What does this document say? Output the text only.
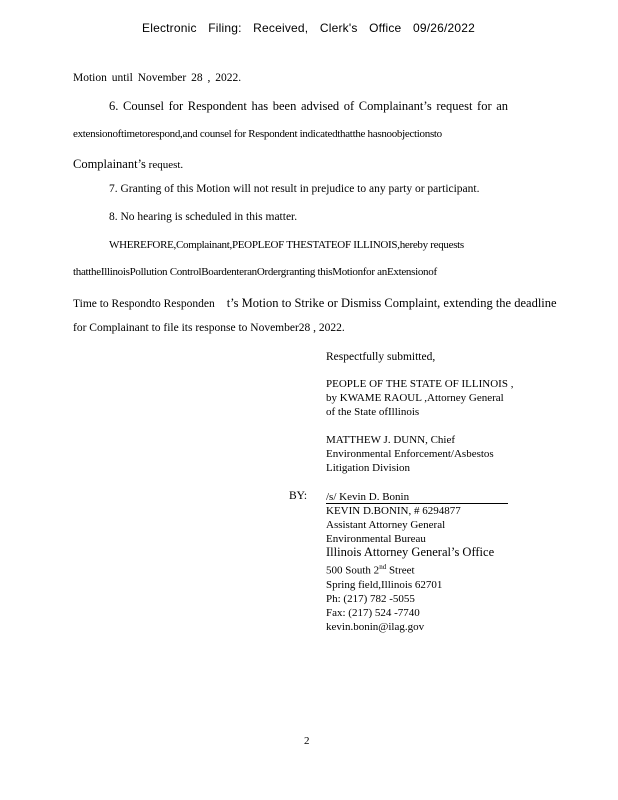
Electronic Filing: Received, Clerk's Office 09/26/2022
Motion until November 28 , 2022.
6. Counsel for Respondent has been advised of Complainant’s request for an
extensionoftimetorespond,and counsel for Respondent indicatedthatthe hasnoobjectionsto
Complainant’s request.
7. Granting of this Motion will not result in prejudice to any party or participant.
8. No hearing is scheduled in this matter.
WHEREFORE,Complainant,PEOPLEOF THESTATEOF ILLINOIS,hereby requests
thattheIllinoisPollution ControlBoardenteranOrdergranting thisMotionfor anExtensionof
Time to Respondto Responden t’s Motion to Strike or Dismiss Complaint, extending the deadline
for Complainant to file its response to November28 , 2022.
Respectfully submitted,
PEOPLE OF THE STATE OF ILLINOIS ,
by KWAME RAOUL ,Attorney General
of the State ofIllinois
MATTHEW J. DUNN, Chief
Environmental Enforcement/Asbestos
Litigation Division
BY: /s/ Kevin D. Bonin
KEVIN D.BONIN, # 6294877
Assistant Attorney General
Environmental Bureau
Illinois Attorney General’s Office
500 South 2nd Street
Spring field,Illinois 62701
Ph: (217) 782 -5055
Fax: (217) 524 -7740
kevin.bonin@ilag.gov
2
